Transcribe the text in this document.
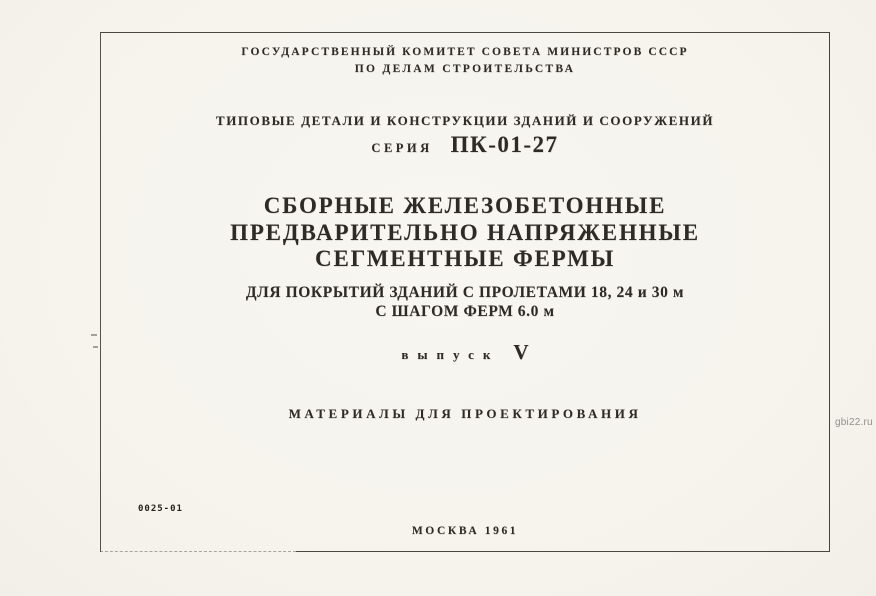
ГОСУДАРСТВЕННЫЙ КОМИТЕТ СОВЕТА МИНИСТРОВ СССР
ПО ДЕЛАМ СТРОИТЕЛЬСТВА
ТИПОВЫЕ ДЕТАЛИ И КОНСТРУКЦИИ ЗДАНИЙ И СООРУЖЕНИЙ
СЕРИЯ ПК-01-27
СБОРНЫЕ ЖЕЛЕЗОБЕТОННЫЕ
ПРЕДВАРИТЕЛЬНО НАПРЯЖЕННЫЕ
СЕГМЕНТНЫЕ ФЕРМЫ
ДЛЯ ПОКРЫТИЙ ЗДАНИЙ С ПРОЛЕТАМИ 18, 24 и 30 м
С ШАГОМ ФЕРМ 6.0 м
выпуск V
МАТЕРИАЛЫ ДЛЯ ПРОЕКТИРОВАНИЯ
0025-01
МОСКВА 1961
gbi22.ru
